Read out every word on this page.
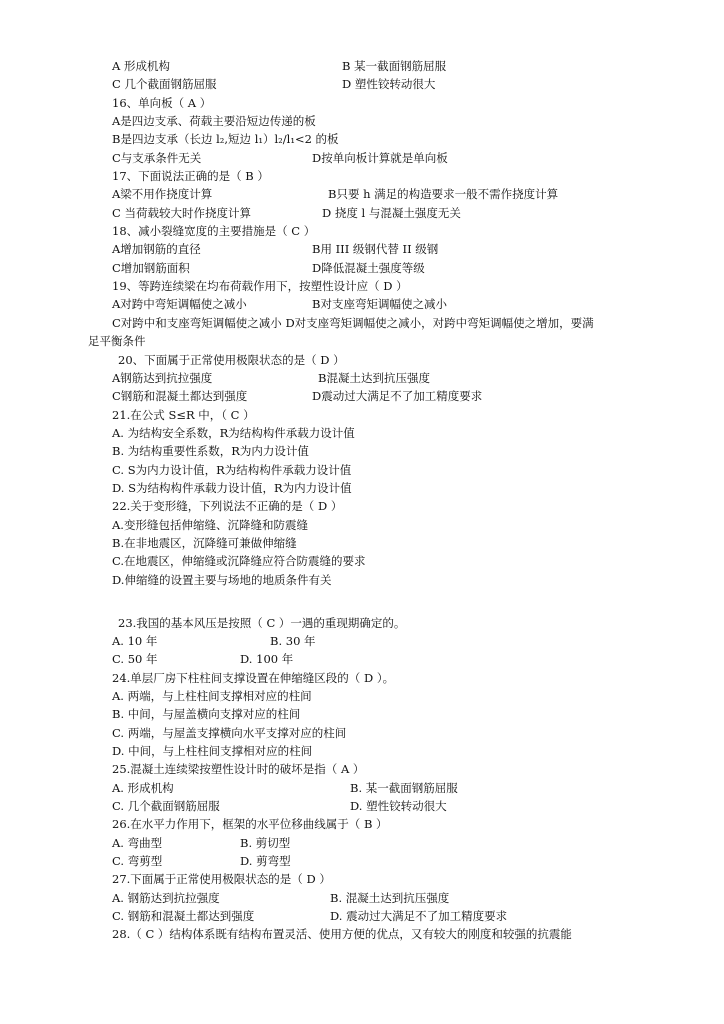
A 形成机构	B 某一截面钢筋屈服
C 几个截面钢筋屈服	D 塑性铰转动很大
16、单向板（ A ）
A是四边支承、荷载主要沿短边传递的板
B是四边支承（长边 l₂,短边 l₁）l₂/l₁<2 的板
C与支承条件无关	D按单向板计算就是单向板
17、下面说法正确的是（ B ）
A梁不用作挠度计算	B只要 h 满足的构造要求一般不需作挠度计算
C 当荷载较大时作挠度计算	D 挠度 l 与混凝土强度无关
18、减小裂缝宽度的主要措施是（ C ）
A增加钢筋的直径	B用 III 级钢代替 II 级钢
C增加钢筋面积	D降低混凝土强度等级
19、等跨连续梁在均布荷载作用下，按塑性设计应（ D ）
A对跨中弯矩调幅使之减小	B对支座弯矩调幅使之减小
C对跨中和支座弯矩调幅使之减小 D对支座弯矩调幅使之减小，对跨中弯矩调幅使之增加，要满
足平衡条件
20、下面属于正常使用极限状态的是（ D ）
A钢筋达到抗拉强度	B混凝土达到抗压强度
C钢筋和混凝土都达到强度	D震动过大满足不了加工精度要求
21.在公式 S≤R 中，（ C ）
A. 为结构安全系数，R为结构构件承载力设计值
B. 为结构重要性系数，R为内力设计值
C. S为内力设计值，R为结构构件承载力设计值
D. S为结构构件承载力设计值，R为内力设计值
22.关于变形缝，下列说法不正确的是（ D ）
A.变形缝包括伸缩缝、沉降缝和防震缝
B.在非地震区，沉降缝可兼做伸缩缝
C.在地震区，伸缩缝或沉降缝应符合防震缝的要求
D.伸缩缝的设置主要与场地的地质条件有关
23.我国的基本风压是按照（ C ）一遇的重现期确定的。
A. 10 年	B. 30 年
C. 50 年	D. 100 年
24.单层厂房下柱柱间支撑设置在伸缩缝区段的（ D ）。
A. 两端，与上柱柱间支撑相对应的柱间
B. 中间，与屋盖横向支撑对应的柱间
C. 两端，与屋盖支撑横向水平支撑对应的柱间
D. 中间，与上柱柱间支撑相对应的柱间
25.混凝土连续梁按塑性设计时的破坏是指（ A ）
A. 形成机构	B. 某一截面钢筋屈服
C. 几个截面钢筋屈服	D. 塑性铰转动很大
26.在水平力作用下，框架的水平位移曲线属于（ B ）
A. 弯曲型	B. 剪切型
C. 弯剪型	D. 剪弯型
27.下面属于正常使用极限状态的是（ D ）
A. 钢筋达到抗拉强度	B. 混凝土达到抗压强度
C. 钢筋和混凝土都达到强度	D. 震动过大满足不了加工精度要求
28.（ C ）结构体系既有结构布置灵活、使用方便的优点，又有较大的刚度和较强的抗震能
